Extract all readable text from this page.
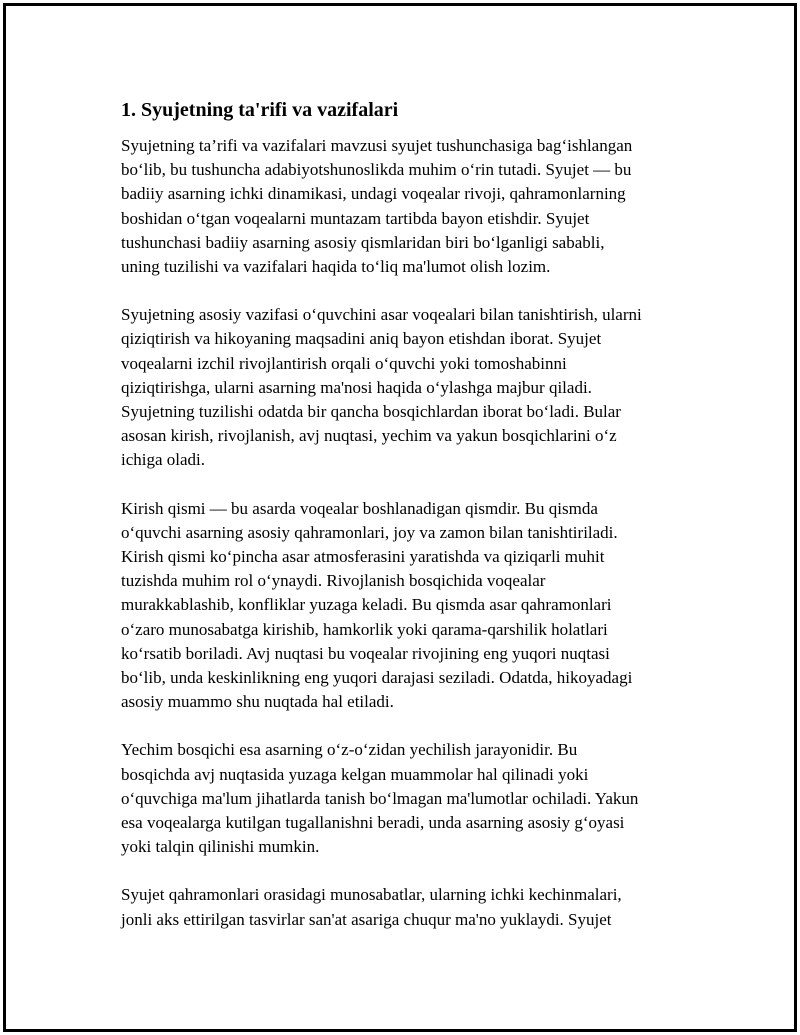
1. Syujetning ta'rifi va vazifalari
Syujetning ta’rifi va vazifalari mavzusi syujet tushunchasiga bag‘ishlangan
bo‘lib, bu tushuncha adabiyotshunoslikda muhim o‘rin tutadi. Syujet — bu
badiiy asarning ichki dinamikasi, undagi voqealar rivoji, qahramonlarning
boshidan o‘tgan voqealarni muntazam tartibda bayon etishdir. Syujet
tushunchasi badiiy asarning asosiy qismlaridan biri bo‘lganligi sababli,
uning tuzilishi va vazifalari haqida to‘liq ma'lumot olish lozim.
Syujetning asosiy vazifasi o‘quvchini asar voqealari bilan tanishtirish, ularni
qiziqtirish va hikoyaning maqsadini aniq bayon etishdan iborat. Syujet
voqealarni izchil rivojlantirish orqali o‘quvchi yoki tomoshabinni
qiziqtirishga, ularni asarning ma'nosi haqida o‘ylashga majbur qiladi.
Syujetning tuzilishi odatda bir qancha bosqichlardan iborat bo‘ladi. Bular
asosan kirish, rivojlanish, avj nuqtasi, yechim va yakun bosqichlarini o‘z
ichiga oladi.
Kirish qismi — bu asarda voqealar boshlanadigan qismdir. Bu qismda
o‘quvchi asarning asosiy qahramonlari, joy va zamon bilan tanishtiriladi.
Kirish qismi ko‘pincha asar atmosferasini yaratishda va qiziqarli muhit
tuzishda muhim rol o‘ynaydi. Rivojlanish bosqichida voqealar
murakkablashib, konfliklar yuzaga keladi. Bu qismda asar qahramonlari
o‘zaro munosabatga kirishib, hamkorlik yoki qarama-qarshilik holatlari
ko‘rsatib boriladi. Avj nuqtasi bu voqealar rivojining eng yuqori nuqtasi
bo‘lib, unda keskinlikning eng yuqori darajasi seziladi. Odatda, hikoyadagi
asosiy muammo shu nuqtada hal etiladi.
Yechim bosqichi esa asarning o‘z-o‘zidan yechilish jarayonidir. Bu
bosqichda avj nuqtasida yuzaga kelgan muammolar hal qilinadi yoki
o‘quvchiga ma'lum jihatlarda tanish bo‘lmagan ma'lumotlar ochiladi. Yakun
esa voqealarga kutilgan tugallanishni beradi, unda asarning asosiy g‘oyasi
yoki talqin qilinishi mumkin.
Syujet qahramonlari orasidagi munosabatlar, ularning ichki kechinmalari,
jonli aks ettirilgan tasvirlar san'at asariga chuqur ma'no yuklaydi. Syujet
